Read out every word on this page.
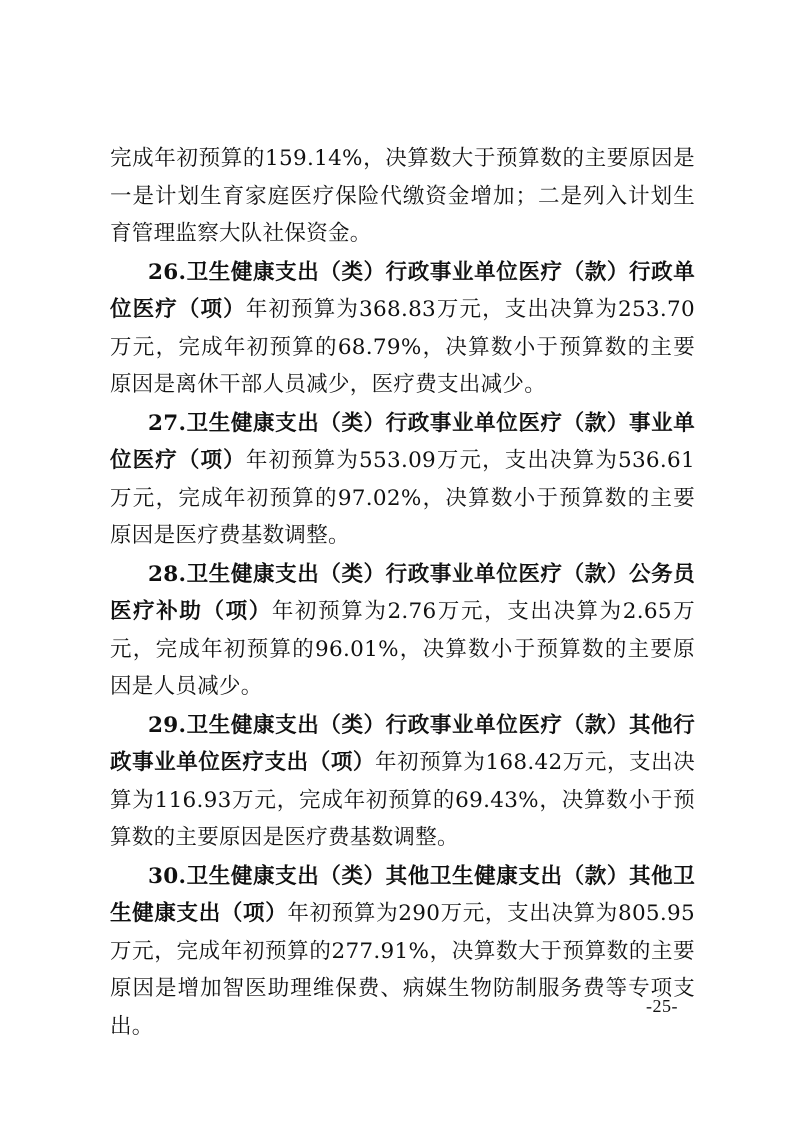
完成年初预算的159.14%，决算数大于预算数的主要原因是一是计划生育家庭医疗保险代缴资金增加；二是列入计划生育管理监察大队社保资金。

26.卫生健康支出（类）行政事业单位医疗（款）行政单位医疗（项）年初预算为368.83万元，支出决算为253.70万元，完成年初预算的68.79%，决算数小于预算数的主要原因是离休干部人员减少，医疗费支出减少。

27.卫生健康支出（类）行政事业单位医疗（款）事业单位医疗（项）年初预算为553.09万元，支出决算为536.61万元，完成年初预算的97.02%，决算数小于预算数的主要原因是医疗费基数调整。

28.卫生健康支出（类）行政事业单位医疗（款）公务员医疗补助（项）年初预算为2.76万元，支出决算为2.65万元，完成年初预算的96.01%，决算数小于预算数的主要原因是人员减少。

29.卫生健康支出（类）行政事业单位医疗（款）其他行政事业单位医疗支出（项）年初预算为168.42万元，支出决算为116.93万元，完成年初预算的69.43%，决算数小于预算数的主要原因是医疗费基数调整。

30.卫生健康支出（类）其他卫生健康支出（款）其他卫生健康支出（项）年初预算为290万元，支出决算为805.95万元，完成年初预算的277.91%，决算数大于预算数的主要原因是增加智医助理维保费、病媒生物防制服务费等专项支出。

-25-
